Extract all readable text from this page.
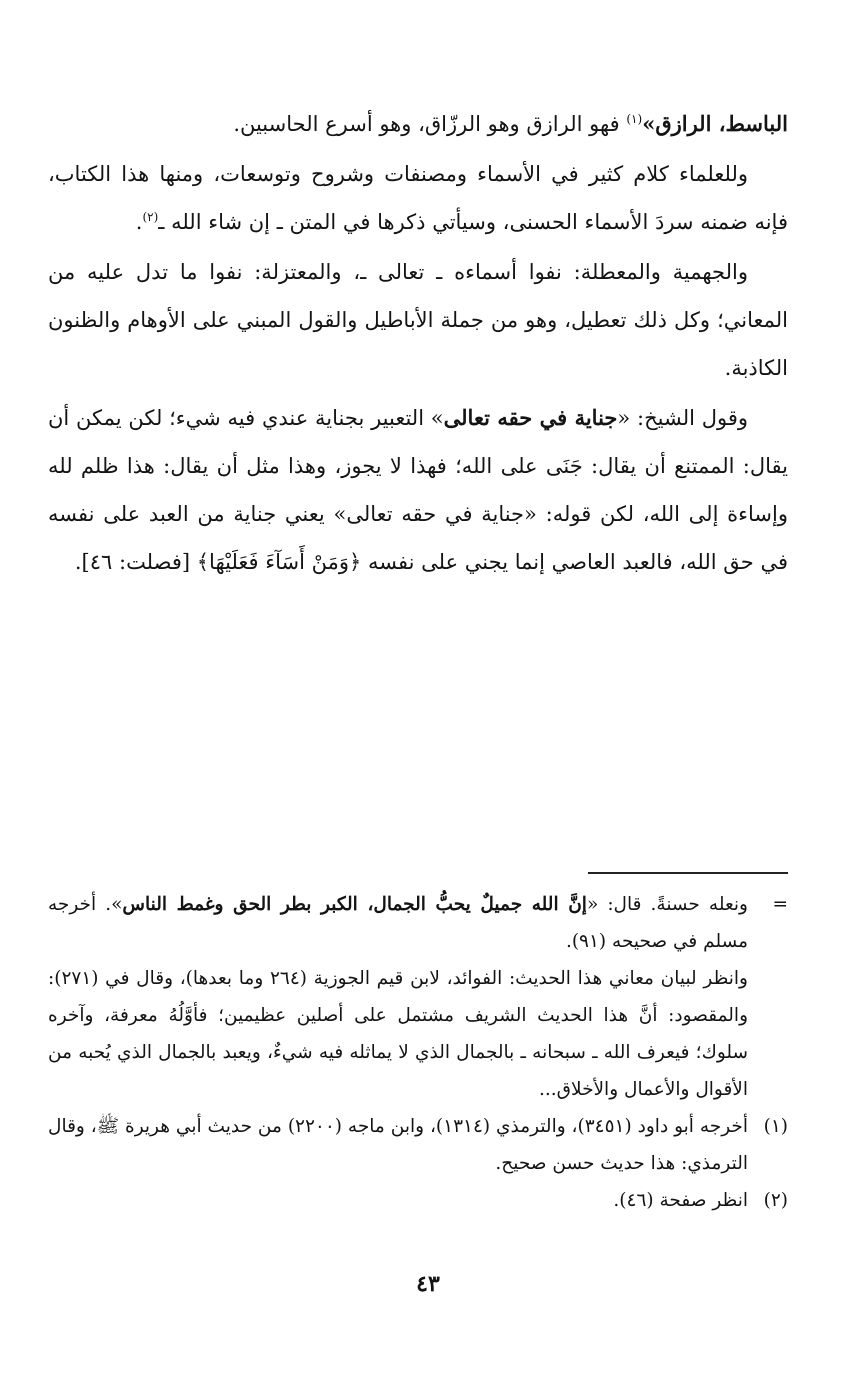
الباسط، الرازق»$^{(١)}$ فهو الرازق وهو الرزّاق، وهو أسرع الحاسبين.

وللعلماء كلام كثير في الأسماء ومصنفات وشروح وتوسعات، ومنها هذا الكتاب، فإنه ضمنه سردَ الأسماء الحسنى، وسيأتي ذكرها في المتن ـ إن شاء الله ـ$^{(٢)}$.

والجهمية والمعطلة: نفوا أسماءه ـ تعالى ـ، والمعتزلة: نفوا ما تدل عليه من المعاني؛ وكل ذلك تعطيل، وهو من جملة الأباطيل والقول المبني على الأوهام والظنون الكاذبة.

وقول الشيخ: «جناية في حقه تعالى» التعبير بجناية عندي فيه شيء؛ لكن يمكن أن يقال: الممتنع أن يقال: جَنَى على الله؛ فهذا لا يجوز، وهذا مثل أن يقال: هذا ظلم لله وإساءة إلى الله، لكن قوله: «جناية في حقه تعالى» يعني جناية من العبد على نفسه في حق الله، فالعبد العاصي إنما يجني على نفسه ﴿وَمَنْ أَسَآءَ فَعَلَيْهَا﴾ [فصلت: ٤٦].

=

ونعله حسنةً. قال: «إنَّ الله جميلٌ يحبُّ الجمال، الكبر بطر الحق وغمط الناس». أخرجه مسلم في صحيحه (٩١).

وانظر لبيان معاني هذا الحديث: الفوائد، لابن قيم الجوزية (٢٦٤ وما بعدها)، وقال في (٢٧١): والمقصود: أنَّ هذا الحديث الشريف مشتمل على أصلين عظيمين؛ فأوَّلُهُ معرفة، وآخره سلوك؛ فيعرف الله ـ سبحانه ـ بالجمال الذي لا يماثله فيه شيءٌ، ويعبد بالجمال الذي يُحبه من الأقوال والأعمال والأخلاق...

(١)
أخرجه أبو داود (٣٤٥١)، والترمذي (١٣١٤)، وابن ماجه (٢٢٠٠) من حديث أبي هريرة ﷺ، وقال الترمذي: هذا حديث حسن صحيح.
(٢)
انظر صفحة (٤٦).
٤٣
